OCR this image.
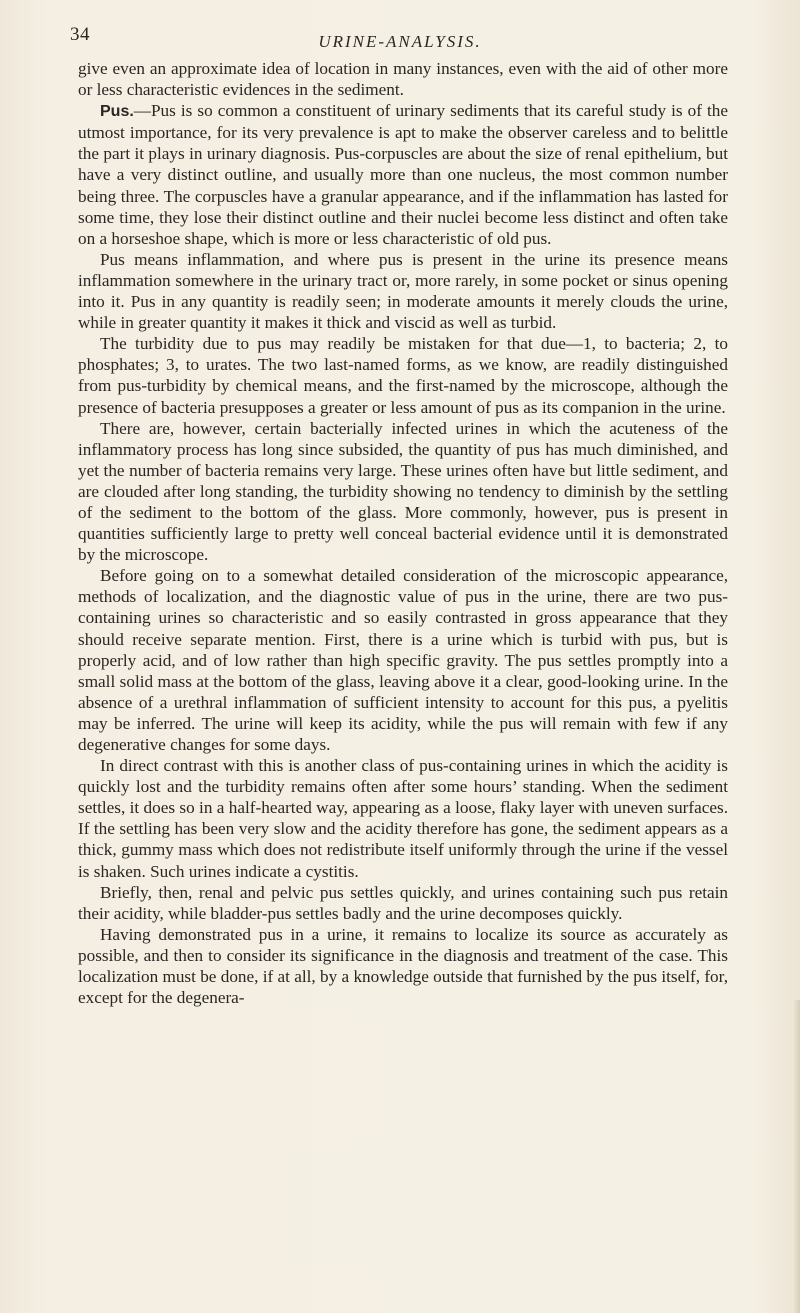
34	URINE-ANALYSIS.

give even an approximate idea of location in many instances, even with the aid of other more or less characteristic evidences in the sediment.

Pus.—Pus is so common a constituent of urinary sediments that its careful study is of the utmost importance, for its very prevalence is apt to make the observer careless and to belittle the part it plays in urinary diagnosis. Pus-corpuscles are about the size of renal epithelium, but have a very distinct outline, and usually more than one nucleus, the most common number being three. The corpuscles have a granular appearance, and if the inflammation has lasted for some time, they lose their distinct outline and their nuclei become less distinct and often take on a horseshoe shape, which is more or less characteristic of old pus.

Pus means inflammation, and where pus is present in the urine its presence means inflammation somewhere in the urinary tract or, more rarely, in some pocket or sinus opening into it. Pus in any quantity is readily seen; in moderate amounts it merely clouds the urine, while in greater quantity it makes it thick and viscid as well as turbid.

The turbidity due to pus may readily be mistaken for that due—1, to bacteria; 2, to phosphates; 3, to urates. The two last-named forms, as we know, are readily distinguished from pus-turbidity by chemical means, and the first-named by the microscope, although the presence of bacteria presupposes a greater or less amount of pus as its companion in the urine.

There are, however, certain bacterially infected urines in which the acuteness of the inflammatory process has long since subsided, the quantity of pus has much diminished, and yet the number of bacteria remains very large. These urines often have but little sediment, and are clouded after long standing, the turbidity showing no tendency to diminish by the settling of the sediment to the bottom of the glass. More commonly, however, pus is present in quantities sufficiently large to pretty well conceal bacterial evidence until it is demonstrated by the microscope.

Before going on to a somewhat detailed consideration of the microscopic appearance, methods of localization, and the diagnostic value of pus in the urine, there are two pus-containing urines so characteristic and so easily contrasted in gross appearance that they should receive separate mention. First, there is a urine which is turbid with pus, but is properly acid, and of low rather than high specific gravity. The pus settles promptly into a small solid mass at the bottom of the glass, leaving above it a clear, good-looking urine. In the absence of a urethral inflammation of sufficient intensity to account for this pus, a pyelitis may be inferred. The urine will keep its acidity, while the pus will remain with few if any degenerative changes for some days.

In direct contrast with this is another class of pus-containing urines in which the acidity is quickly lost and the turbidity remains often after some hours’ standing. When the sediment settles, it does so in a half-hearted way, appearing as a loose, flaky layer with uneven surfaces. If the settling has been very slow and the acidity therefore has gone, the sediment appears as a thick, gummy mass which does not redistribute itself uniformly through the urine if the vessel is shaken. Such urines indicate a cystitis.

Briefly, then, renal and pelvic pus settles quickly, and urines containing such pus retain their acidity, while bladder-pus settles badly and the urine decomposes quickly.

Having demonstrated pus in a urine, it remains to localize its source as accurately as possible, and then to consider its significance in the diagnosis and treatment of the case. This localization must be done, if at all, by a knowledge outside that furnished by the pus itself, for, except for the degenera-
